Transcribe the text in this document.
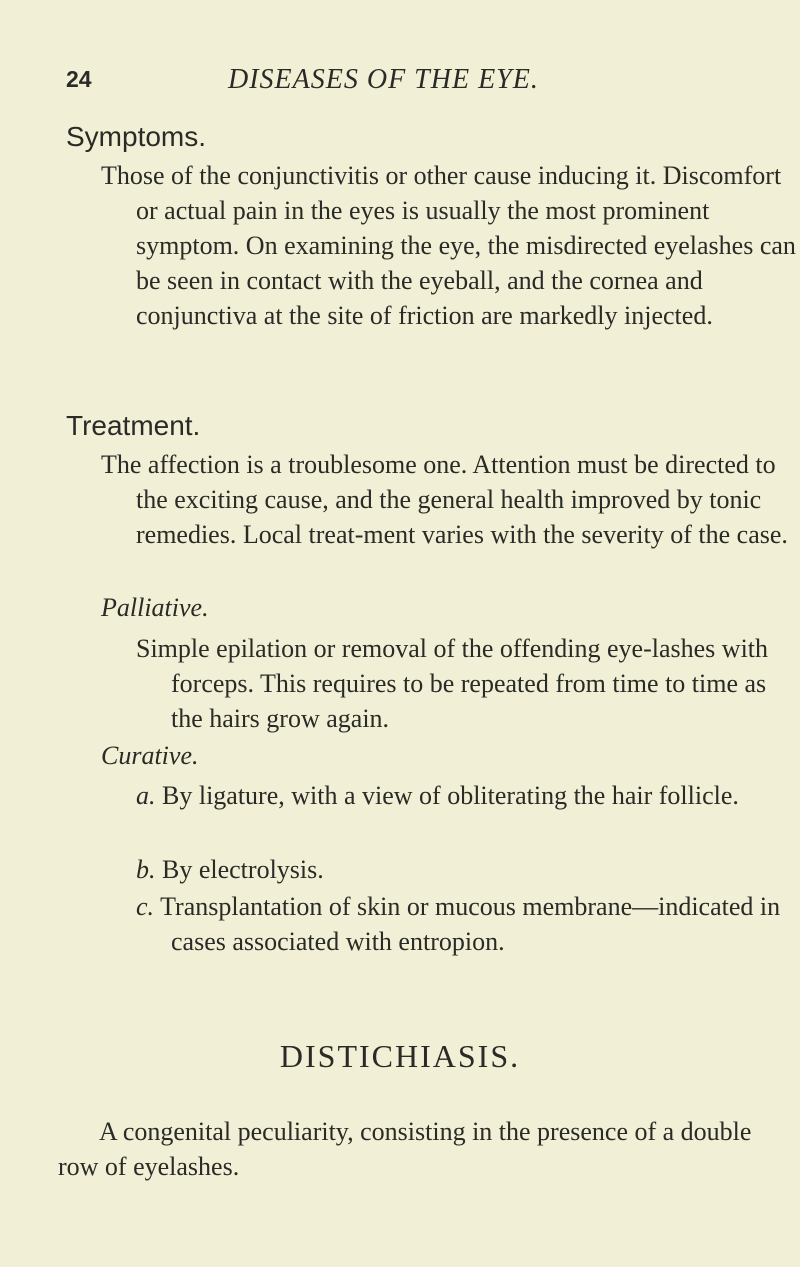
24	DISEASES OF THE EYE.
Symptoms.

Those of the conjunctivitis or other cause inducing it. Discomfort or actual pain in the eyes is usually the most prominent symptom. On examining the eye, the misdirected eyelashes can be seen in contact with the eyeball, and the cornea and conjunctiva at the site of friction are markedly injected.

Treatment.

The affection is a troublesome one. Attention must be directed to the exciting cause, and the general health improved by tonic remedies. Local treat-ment varies with the severity of the case.

Palliative.

Simple epilation or removal of the offending eye-lashes with forceps. This requires to be repeated from time to time as the hairs grow again.

Curative.

a. By ligature, with a view of obliterating the hair follicle.

b. By electrolysis.

c. Transplantation of skin or mucous membrane—indicated in cases associated with entropion.

DISTICHIASIS.

A congenital peculiarity, consisting in the presence of a double row of eyelashes.
